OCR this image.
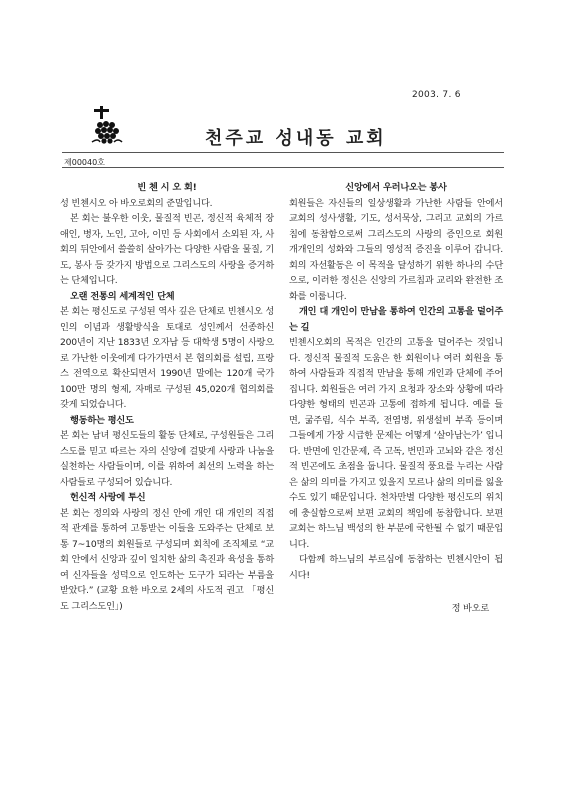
2003. 7. 6
천주교 성내동 교회
제00040호

빈 첸 시 오 회!

성 빈첸시오 아 바오로회의 준말입니다.

본 회는 불우한 이웃, 물질적 빈곤, 정신적 육체적 장애인, 병자, 노인, 고아, 이민 등 사회에서 소외된 자, 사회의 뒤안에서 쓸쓸히 살아가는 다양한 사람을 물질, 기도, 봉사 등 갖가지 방법으로 그리스도의 사랑을 증거하는 단체입니다.

오랜 전통의 세계적인 단체

본 회는 평신도로 구성된 역사 깊은 단체로 빈첸시오 성인의 이념과 생활방식을 토대로 성인께서 선종하신 200년이 지난 1833년 오자남 등 대학생 5명이 사랑으로 가난한 이웃에게 다가가면서 본 협의회를 설립, 프랑스 전역으로 확산되면서 1990년 말에는 120개 국가 100만 명의 형제, 자매로 구성된 45,020개 협의회를 갖게 되었습니다.

행동하는 평신도

본 회는 남녀 평신도들의 활동 단체로, 구성원들은 그리스도를 믿고 따르는 자의 신앙에 걸맞게 사랑과 나눔을 실천하는 사람들이며, 이를 위하여 최선의 노력을 하는 사람들로 구성되어 있습니다.

헌신적 사랑에 투신

본 회는 정의와 사랑의 정신 안에 개인 대 개인의 직접적 관계를 통하여 고통받는 이들을 도와주는 단체로 보통 7~10명의 회원들로 구성되며 회칙에 조직체로 “교회 안에서 신앙과 깊이 일치한 삶의 촉진과 육성을 통하여 신자들을 성덕으로 인도하는 도구가 되라는 부름을 받았다.” (교황 요한 바오로 2세의 사도적 권고 「평신도 그리스도인」)

신앙에서 우러나오는 봉사

회원들은 자신들의 일상생활과 가난한 사람들 안에서 교회의 성사생활, 기도, 성서묵상, 그리고 교회의 가르침에 동참함으로써 그리스도의 사랑의 증인으로 회원 개개인의 성화와 그들의 영성적 증진을 이루어 갑니다. 회의 자선활동은 이 목적을 달성하기 위한 하나의 수단으로, 이러한 정신은 신앙의 가르침과 교리와 완전한 조화를 이룹니다.

개인 대 개인이 만남을 통하여 인간의 고통을 덜어주는 길

빈첸시오회의 목적은 인간의 고통을 덜어주는 것입니다. 정신적 물질적 도움은 한 회원이나 여러 회원을 통하여 사람들과 직접적 만남을 통해 개인과 단체에 주어집니다. 회원들은 여러 가지 요청과 장소와 상황에 따라 다양한 형태의 빈곤과 고통에 접하게 됩니다. 예를 들면, 굶주림, 식수 부족, 전염병, 위생설비 부족 등이며 그들에게 가장 시급한 문제는 어떻게 ‘살아남는가’ 입니다. 반면에 인간문제, 즉 고독, 번민과 고뇌와 같은 정신적 빈곤에도 초점을 둡니다. 물질적 풍요를 누리는 사람은 삶의 의미를 가지고 있을지 모르나 삶의 의미를 잃을 수도 있기 때문입니다. 천차만별 다양한 평신도의 위치에 충실함으로써 보편 교회의 책임에 동참합니다. 보편 교회는 하느님 백성의 한 부분에 국한될 수 없기 때문입니다.

다함께 하느님의 부르심에 동참하는 빈첸시안이 됩시다!

정 바오로
